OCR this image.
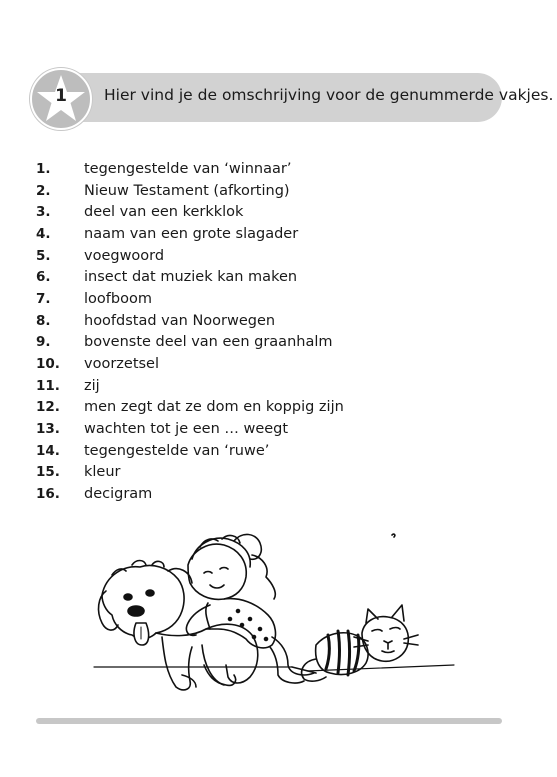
1	Hier vind je de omschrijving voor de genummerde vakjes.
1.	tegengestelde van ‘winnaar’
2.	Nieuw Testament (afkorting)
3.	deel van een kerkklok
4.	naam van een grote slagader
5.	voegwoord
6.	insect dat muziek kan maken
7.	loofboom
8.	hoofdstad van Noorwegen
9.	bovenste deel van een graanhalm
10.	voorzetsel
11.	zij
12.	men zegt dat ze dom en koppig zijn
13.	wachten tot je een … weegt
14.	tegengestelde van ‘ruwe’
15.	kleur
16.	decigram
